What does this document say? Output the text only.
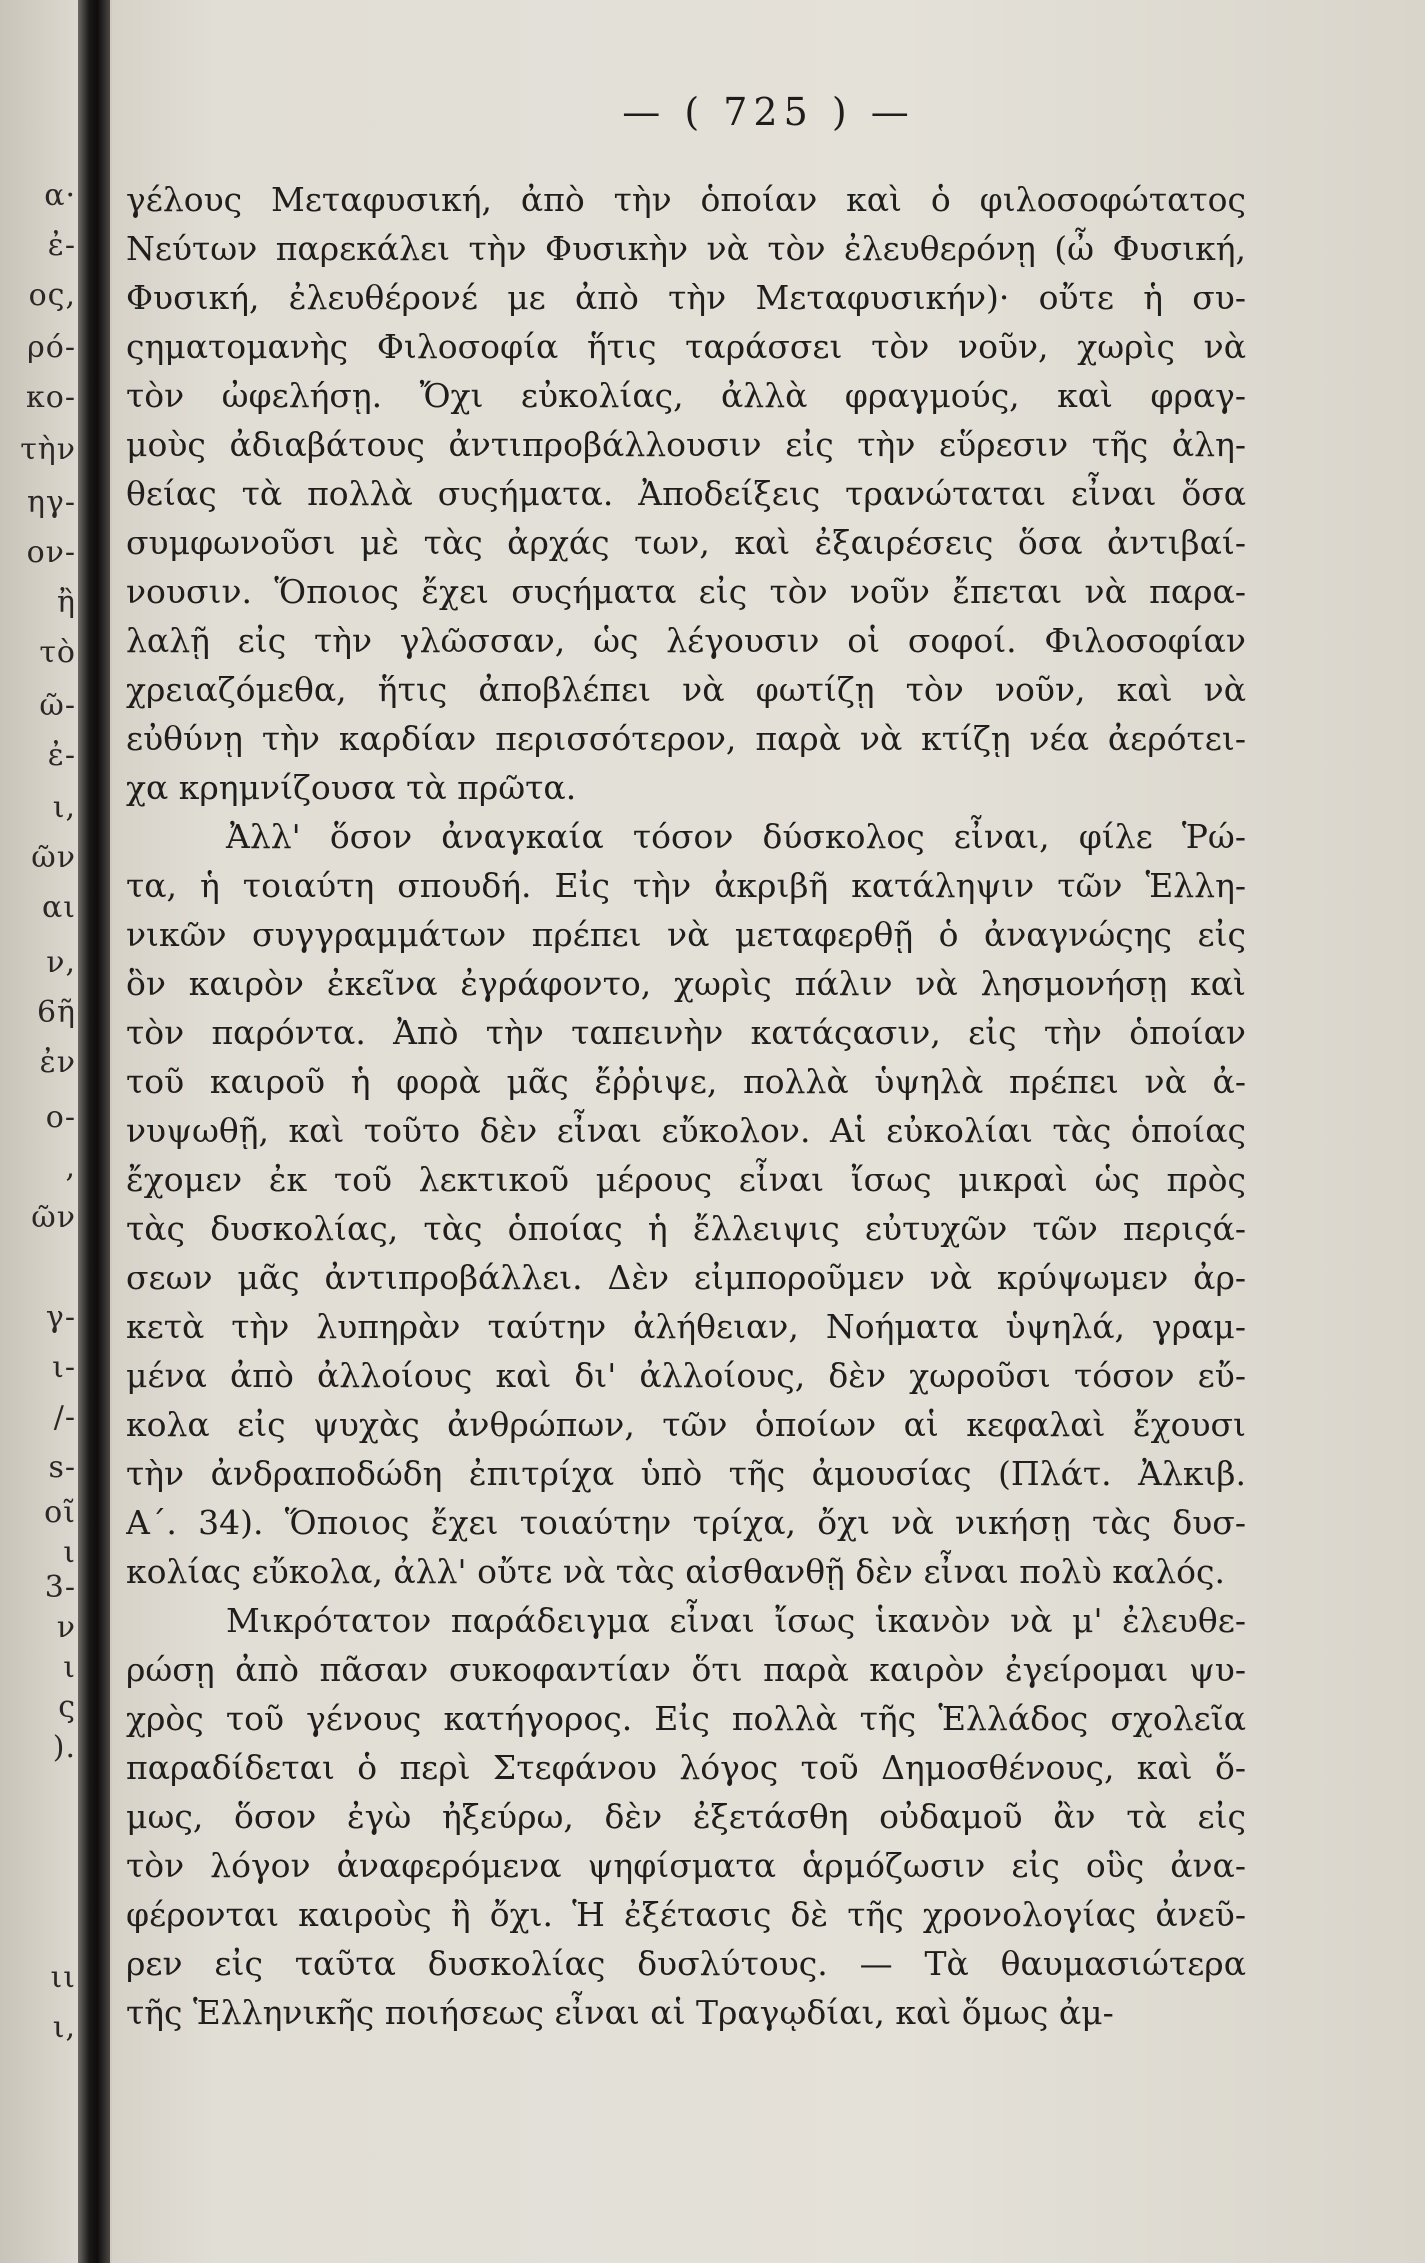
α·
ἐ-
ος,
ρό-
κο-
τὴν
ηγ-
ον-
ἢ
τὸ
ῶ-
ἐ-
ι,
ῶν
αι
ν,
6ῆ
ἐν
ο-
,
ῶν
γ-
ι-
/-
s-
οῖ
ι
3-
ν
ι
ς
).
ιι
ι,
— ( 725 ) —
γέλους Μεταφυσική, ἀπὸ τὴν ὁποίαν καὶ ὁ φιλοσοφώτατος
Νεύτων παρεκάλει τὴν Φυσικὴν νὰ τὸν ἐλευθερόνῃ (ὦ Φυσική,
Φυσική, ἐλευθέρονέ με ἀπὸ τὴν Μεταφυσικήν)· οὔτε ἡ συ-
ςηματομανὴς Φιλοσοφία ἥτις ταράσσει τὸν νοῦν, χωρὶς νὰ
τὸν ὠφελήσῃ. Ὄχι εὐκολίας, ἀλλὰ φραγμούς, καὶ φραγ-
μοὺς ἀδιαβάτους ἀντιπροβάλλουσιν εἰς τὴν εὕρεσιν τῆς ἀλη-
θείας τὰ πολλὰ συςήματα. Ἀποδείξεις τρανώταται εἶναι ὅσα
συμφωνοῦσι μὲ τὰς ἀρχάς των, καὶ ἐξαιρέσεις ὅσα ἀντιβαί-
νουσιν. Ὅποιος ἔχει συςήματα εἰς τὸν νοῦν ἔπεται νὰ παρα-
λαλῇ εἰς τὴν γλῶσσαν, ὡς λέγουσιν οἱ σοφοί. Φιλοσοφίαν
χρειαζόμεθα, ἥτις ἀποβλέπει νὰ φωτίζῃ τὸν νοῦν, καὶ νὰ
εὐθύνῃ τὴν καρδίαν περισσότερον, παρὰ νὰ κτίζῃ νέα ἀερότει-
χα κρημνίζουσα τὰ πρῶτα.
Ἀλλ' ὅσον ἀναγκαία τόσον δύσκολος εἶναι, φίλε Ῥώ-
τα, ἡ τοιαύτη σπουδή. Εἰς τὴν ἀκριβῆ κατάληψιν τῶν Ἑλλη-
νικῶν συγγραμμάτων πρέπει νὰ μεταφερθῇ ὁ ἀναγνώςης εἰς
ὃν καιρὸν ἐκεῖνα ἐγράφοντο, χωρὶς πάλιν νὰ λησμονήσῃ καὶ
τὸν παρόντα. Ἀπὸ τὴν ταπεινὴν κατάςασιν, εἰς τὴν ὁποίαν
τοῦ καιροῦ ἡ φορὰ μᾶς ἔῤῥιψε, πολλὰ ὑψηλὰ πρέπει νὰ ἀ-
νυψωθῇ, καὶ τοῦτο δὲν εἶναι εὔκολον. Αἱ εὐκολίαι τὰς ὁποίας
ἔχομεν ἐκ τοῦ λεκτικοῦ μέρους εἶναι ἴσως μικραὶ ὡς πρὸς
τὰς δυσκολίας, τὰς ὁποίας ἡ ἔλλειψις εὐτυχῶν τῶν περιςά-
σεων μᾶς ἀντιπροβάλλει. Δὲν εἰμποροῦμεν νὰ κρύψωμεν ἀρ-
κετὰ τὴν λυπηρὰν ταύτην ἀλήθειαν, Νοήματα ὑψηλά, γραμ-
μένα ἀπὸ ἀλλοίους καὶ δι' ἀλλοίους, δὲν χωροῦσι τόσον εὔ-
κολα εἰς ψυχὰς ἀνθρώπων, τῶν ὁποίων αἱ κεφαλαὶ ἔχουσι
τὴν ἀνδραποδώδη ἐπιτρίχα ὑπὸ τῆς ἀμουσίας (Πλάτ. Ἀλκιβ.
Α΄. 34). Ὅποιος ἔχει τοιαύτην τρίχα, ὄχι νὰ νικήσῃ τὰς δυσ-
κολίας εὔκολα, ἀλλ' οὔτε νὰ τὰς αἰσθανθῇ δὲν εἶναι πολὺ καλός.
Μικρότατον παράδειγμα εἶναι ἴσως ἱκανὸν νὰ μ' ἐλευθε-
ρώσῃ ἀπὸ πᾶσαν συκοφαντίαν ὅτι παρὰ καιρὸν ἐγείρομαι ψυ-
χρὸς τοῦ γένους κατήγορος. Εἰς πολλὰ τῆς Ἑλλάδος σχολεῖα
παραδίδεται ὁ περὶ Στεφάνου λόγος τοῦ Δημοσθένους, καὶ ὅ-
μως, ὅσον ἐγὼ ἠξεύρω, δὲν ἐξετάσθη οὐδαμοῦ ἂν τὰ εἰς
τὸν λόγον ἀναφερόμενα ψηφίσματα ἁρμόζωσιν εἰς οὓς ἀνα-
φέρονται καιροὺς ἢ ὄχι. Ἡ ἐξέτασις δὲ τῆς χρονολογίας ἀνεῦ-
ρεν εἰς ταῦτα δυσκολίας δυσλύτους. — Τὰ θαυμασιώτερα
τῆς Ἑλληνικῆς ποιήσεως εἶναι αἱ Τραγῳδίαι, καὶ ὅμως ἀμ-
